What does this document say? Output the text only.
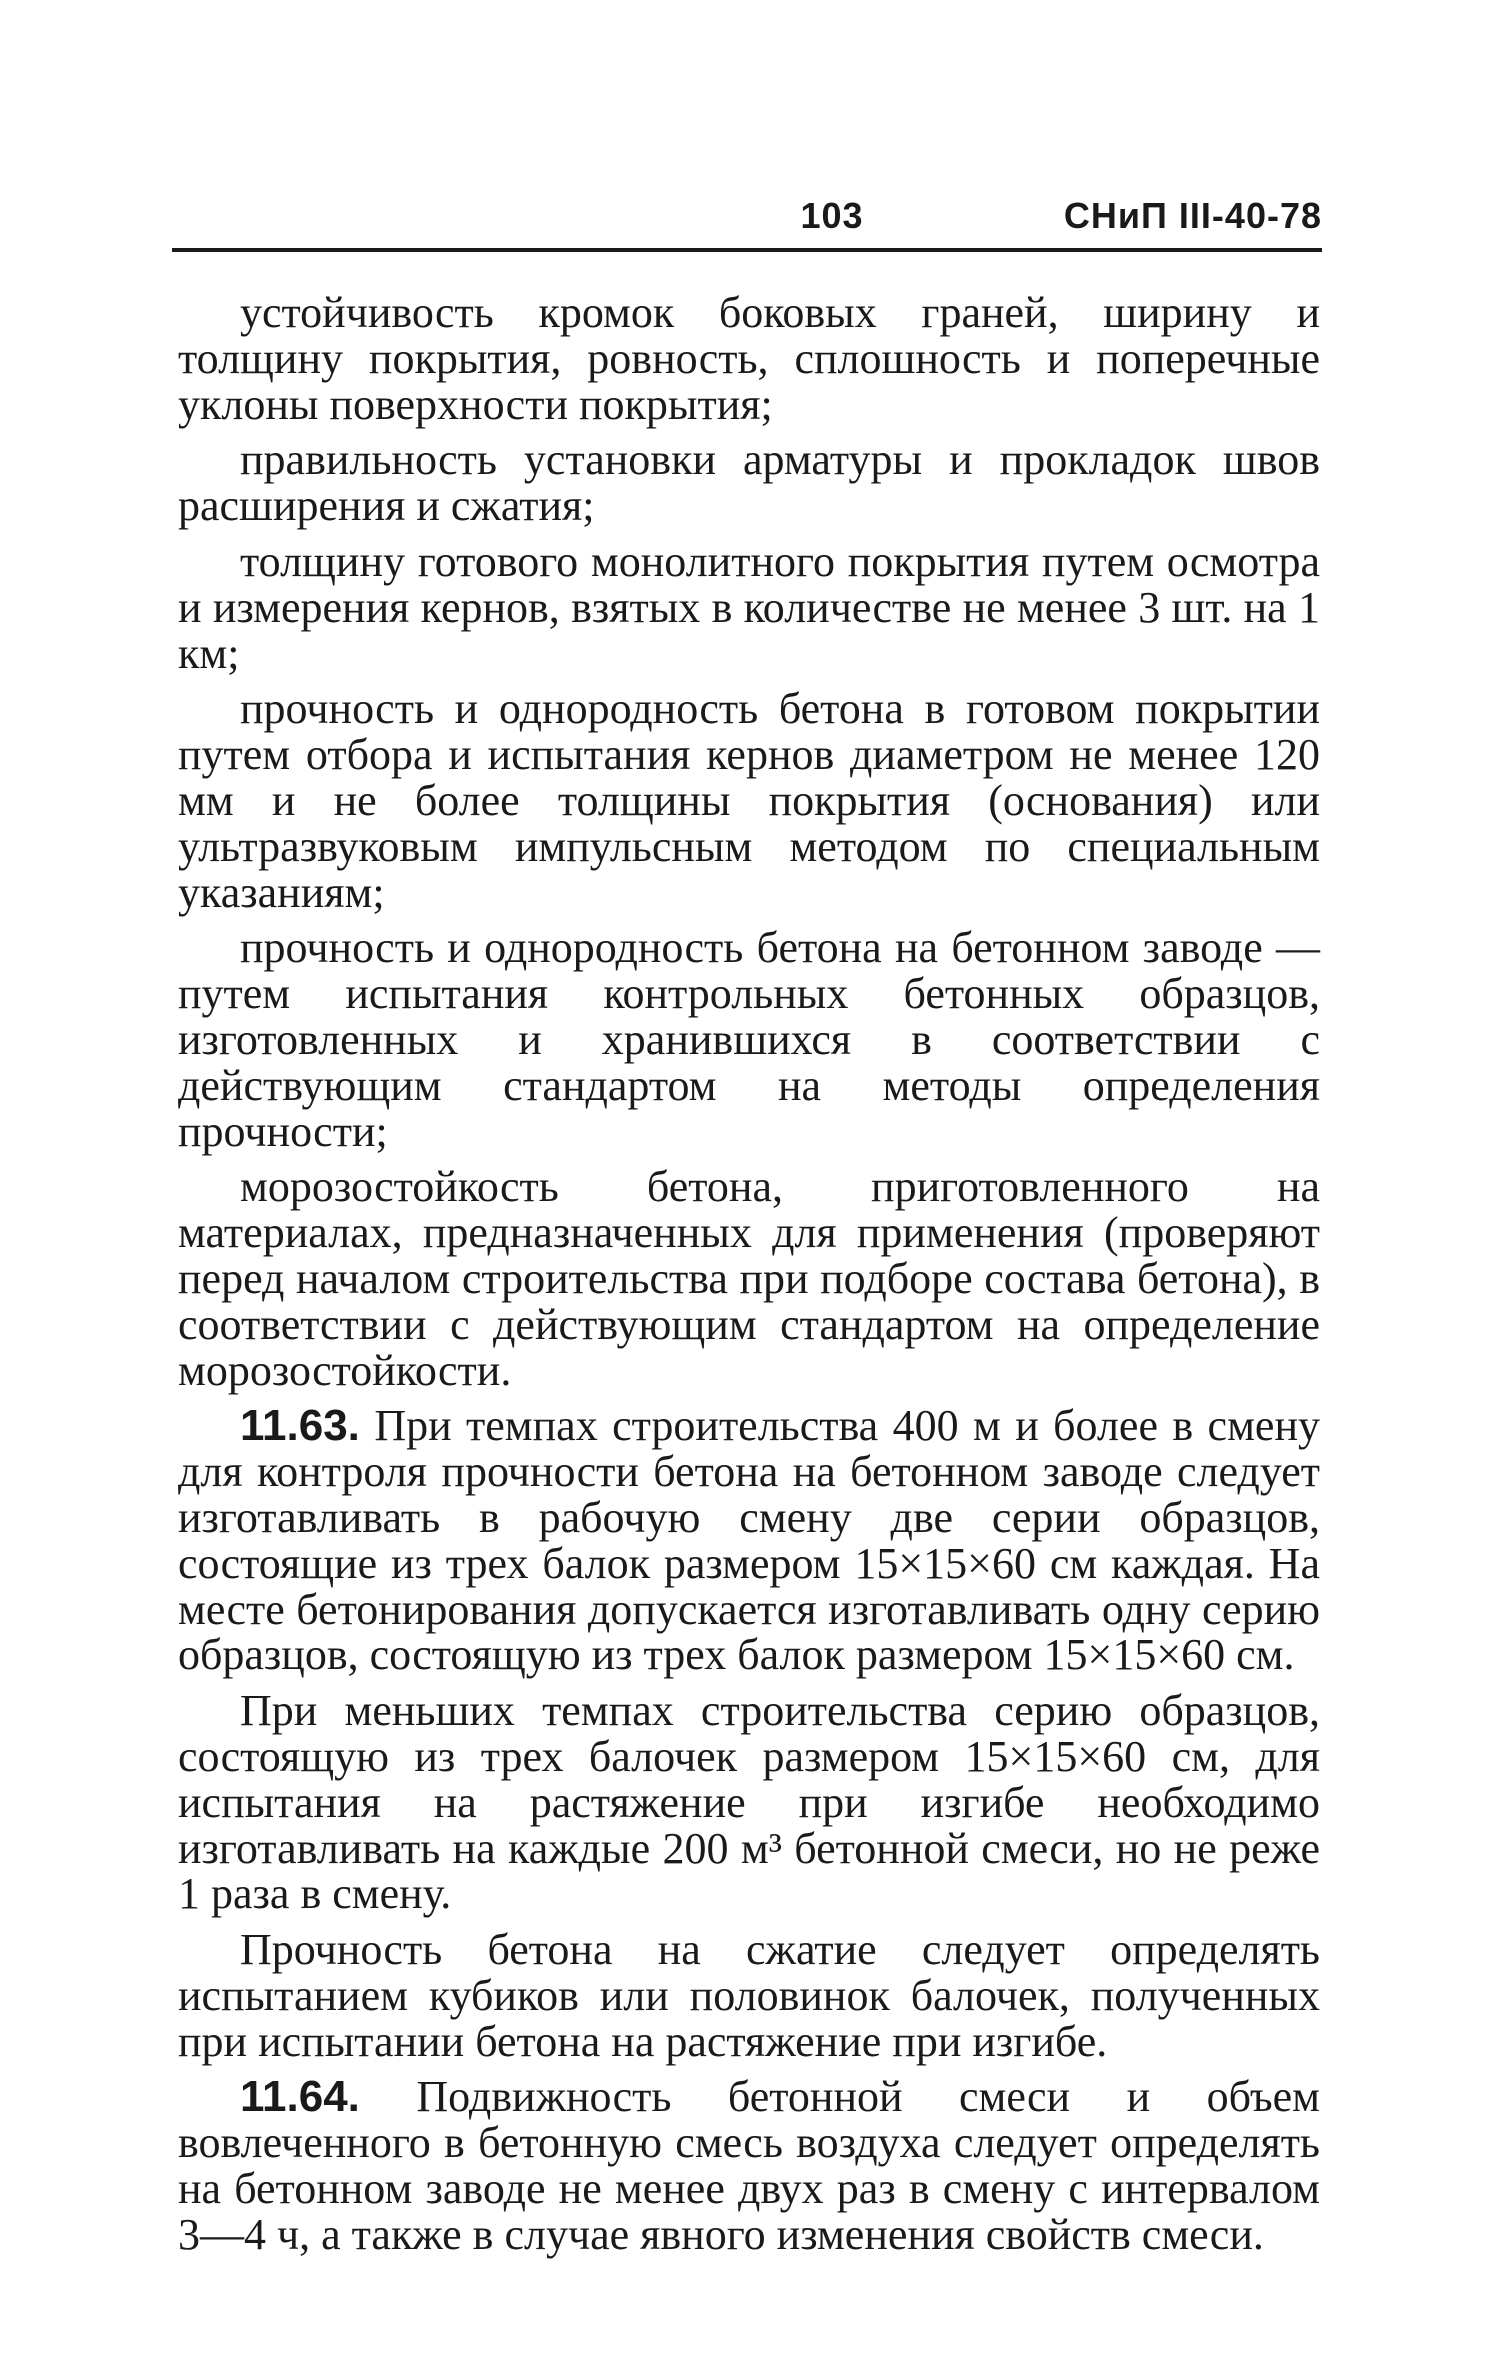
103	СНиП III-40-78

устойчивость кромок боковых граней, ширину и толщину покрытия, ровность, сплошность и поперечные уклоны поверхности покрытия;

правильность установки арматуры и прокладок швов расширения и сжатия;

толщину готового монолитного покрытия путем осмотра и измерения кернов, взятых в количестве не менее 3 шт. на 1 км;

прочность и однородность бетона в готовом покрытии путем отбора и испытания кернов диаметром не менее 120 мм и не более толщины покрытия (основания) или ультразвуковым импульсным методом по специальным указаниям;

прочность и однородность бетона на бетонном заводе — путем испытания контрольных бетонных образцов, изготовленных и хранившихся в соответствии с действующим стандартом на методы определения прочности;

морозостойкость бетона, приготовленного на материалах, предназначенных для применения (проверяют перед началом строительства при подборе состава бетона), в соответствии с действующим стандартом на определение морозостойкости.

11.63. При темпах строительства 400 м и более в смену для контроля прочности бетона на бетонном заводе следует изготавливать в рабочую смену две серии образцов, состоящие из трех балок размером 15×15×60 см каждая. На месте бетонирования допускается изготавливать одну серию образцов, состоящую из трех балок размером 15×15×60 см.

При меньших темпах строительства серию образцов, состоящую из трех балочек размером 15×15×60 см, для испытания на растяжение при изгибе необходимо изготавливать на каждые 200 м³ бетонной смеси, но не реже 1 раза в смену.

Прочность бетона на сжатие следует определять испытанием кубиков или половинок балочек, полученных при испытании бетона на растяжение при изгибе.

11.64. Подвижность бетонной смеси и объем вовлеченного в бетонную смесь воздуха следует определять на бетонном заводе не менее двух раз в смену с интервалом 3—4 ч, а также в случае явного изменения свойств смеси.
